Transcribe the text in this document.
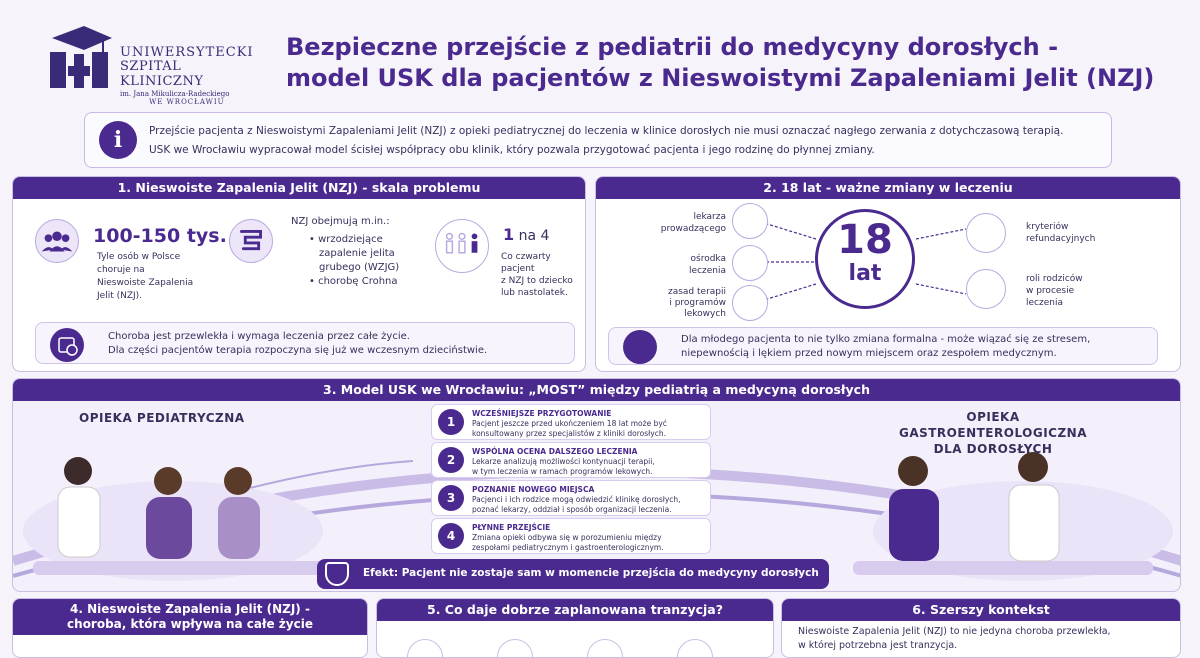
UNIWERSYTECKI
SZPITAL KLINICZNY
im. Jana Mikulicza-Radeckiego
WE WROCŁAWIU
Bezpieczne przejście z pediatrii do medycyny dorosłych -
model USK dla pacjentów z Nieswoistymi Zapaleniami Jelit (NZJ)
i	Przejście pacjenta z Nieswoistymi Zapaleniami Jelit (NZJ) z opieki pediatrycznej do leczenia w klinice dorosłych nie musi oznaczać nagłego zerwania z dotychczasową terapią.

USK we Wrocławiu wypracował model ścisłej współpracy obu klinik, który pozwala przygotować pacjenta i jego rodzinę do płynnej zmiany.

1. Nieswoiste Zapalenia Jelit (NZJ) - skala problemu
100-150 tys.
Tyle osób w Polsce
choruje na
Nieswoiste Zapalenia
Jelit (NZJ).
NZJ obejmują m.in.:
• wrzodziejące
zapalenie jelita
grubego (WZJG)
• chorobę Crohna
1 na 4
Co czwarty
pacjent
z NZJ to dziecko
lub nastolatek.

Choroba jest przewlekła i wymaga leczenia przez całe życie.

Dla części pacjentów terapia rozpoczyna się już we wczesnym dzieciństwie.

2. 18 lat - ważne zmiany w leczeniu
18
lat
lekarza
prowadzącego
ośrodka
leczenia
zasad terapii
i programów
lekowych
kryteriów
refundacyjnych
roli rodziców
w procesie
leczenia

Dla młodego pacjenta to nie tylko zmiana formalna - może wiązać się ze stresem,

niepewnością i lękiem przed nowym miejscem oraz zespołem medycznym.

3. Model USK we Wrocławiu: „MOST” między pediatrią a medycyną dorosłych
OPIEKA PEDIATRYCZNA	OPIEKA GASTROENTEROLOGICZNA
DLA DOROSŁYCH
1
WCZEŚNIEJSZE PRZYGOTOWANIE
Pacjent jeszcze przed ukończeniem 18 lat może być
konsultowany przez specjalistów z kliniki dorosłych.
2
WSPÓLNA OCENA DALSZEGO LECZENIA
Lekarze analizują możliwości kontynuacji terapii,
w tym leczenia w ramach programów lekowych.
3
POZNANIE NOWEGO MIEJSCA
Pacjenci i ich rodzice mogą odwiedzić klinikę dorosłych,
poznać lekarzy, oddział i sposób organizacji leczenia.
4
PŁYNNE PRZEJŚCIE
Zmiana opieki odbywa się w porozumieniu między
zespołami pediatrycznym i gastroenterologicznym.
Efekt: Pacjent nie zostaje sam w momencie przejścia do medycyny dorosłych
4. Nieswoiste Zapalenia Jelit (NZJ) -
choroba, która wpływa na całe życie
5. Co daje dobrze zaplanowana tranzycja?	6. Szerszy kontekst
Nieswoiste Zapalenia Jelit (NZJ) to nie jedyna choroba przewlekła,
w której potrzebna jest tranzycja.
